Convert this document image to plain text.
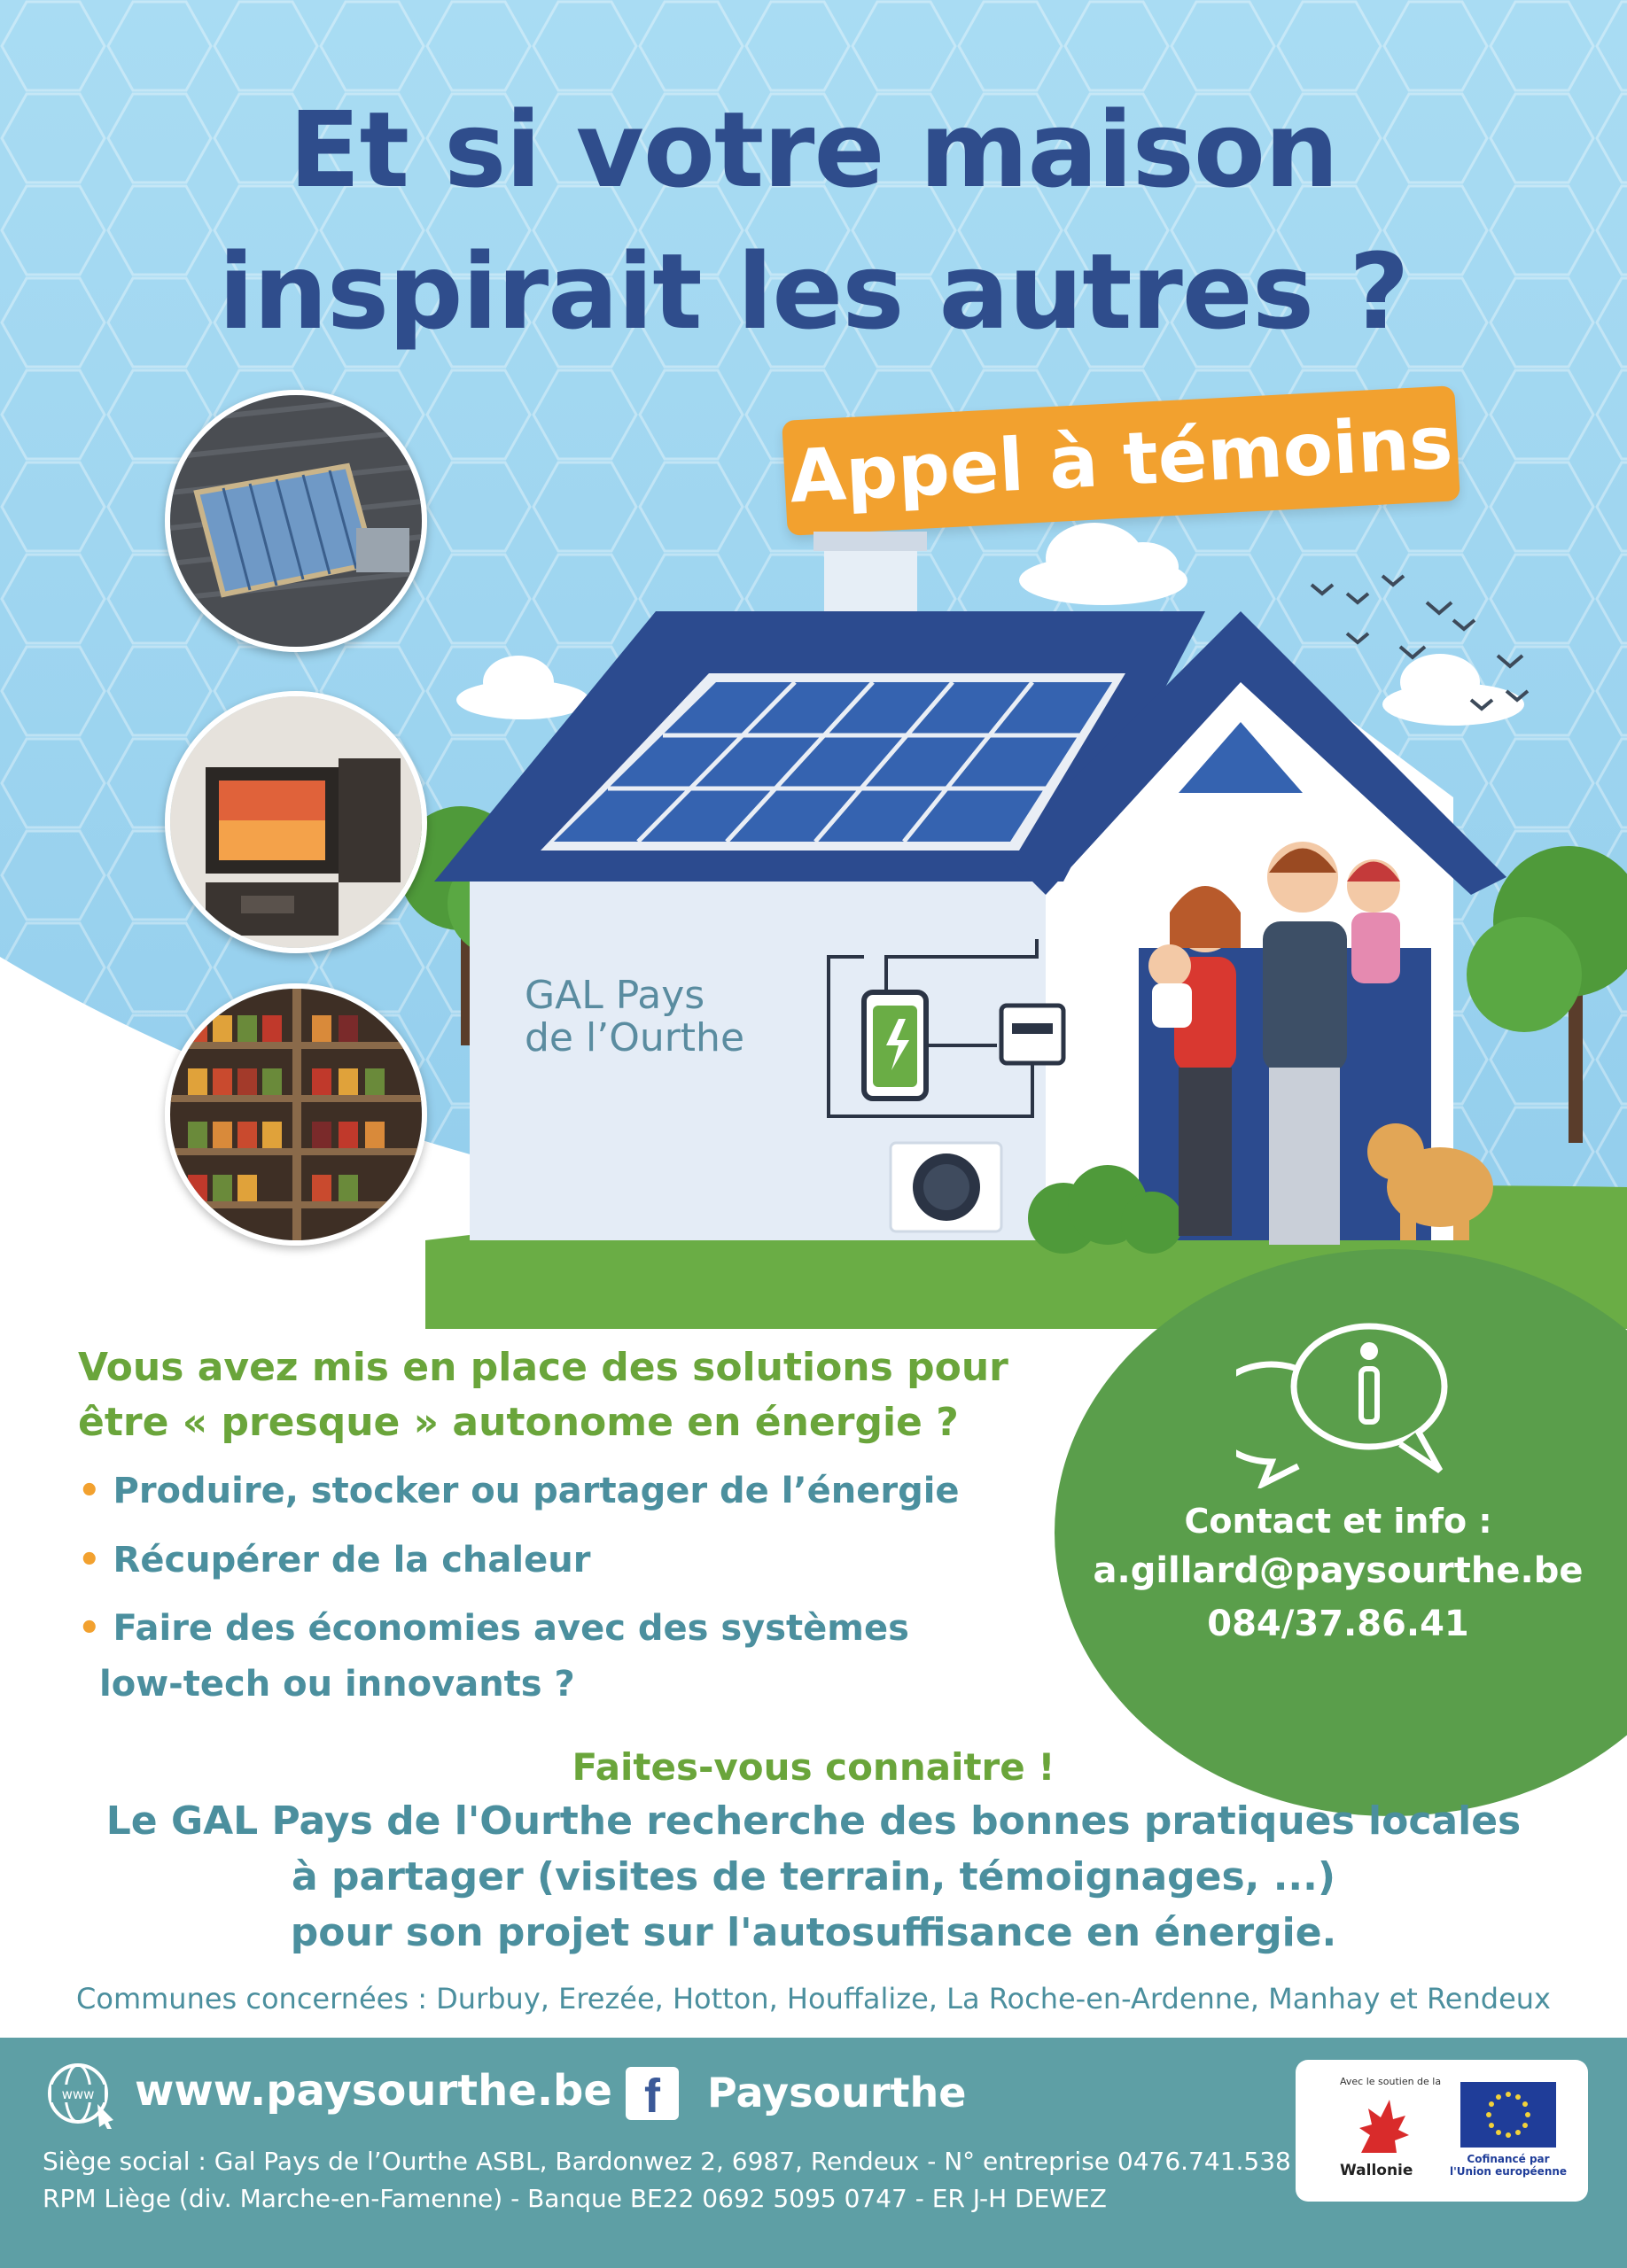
Et si votre maison
inspirait les autres ?
Appel à témoins
GAL Pays
de l’Ourthe

Contact et info :

a.gillard@paysourthe.be

084/37.86.41

Vous avez mis en place des solutions pour

être « presque » autonome en énergie ?

• Produire, stocker ou partager de l’énergie

• Récupérer de la chaleur

• Faire des économies avec des systèmes

low-tech ou innovants ?

Faites-vous connaitre !

Le GAL Pays de l'Ourthe recherche des bonnes pratiques locales

à partager (visites de terrain, témoignages, ...)

pour son projet sur l'autosuffisance en énergie.

Communes concernées : Durbuy, Erezée, Hotton, Houffalize, La Roche-en-Ardenne, Manhay et Rendeux

www www.paysourthe.be f	Paysourthe

Siège social : Gal Pays de l’Ourthe ASBL, Bardonwez 2, 6987, Rendeux - N° entreprise 0476.741.538

RPM Liège (div. Marche-en-Famenne) - Banque BE22 0692 5095 0747 - ER J-H DEWEZ

Avec le soutien de la

Wallonie

Cofinancé par
l'Union européenne
